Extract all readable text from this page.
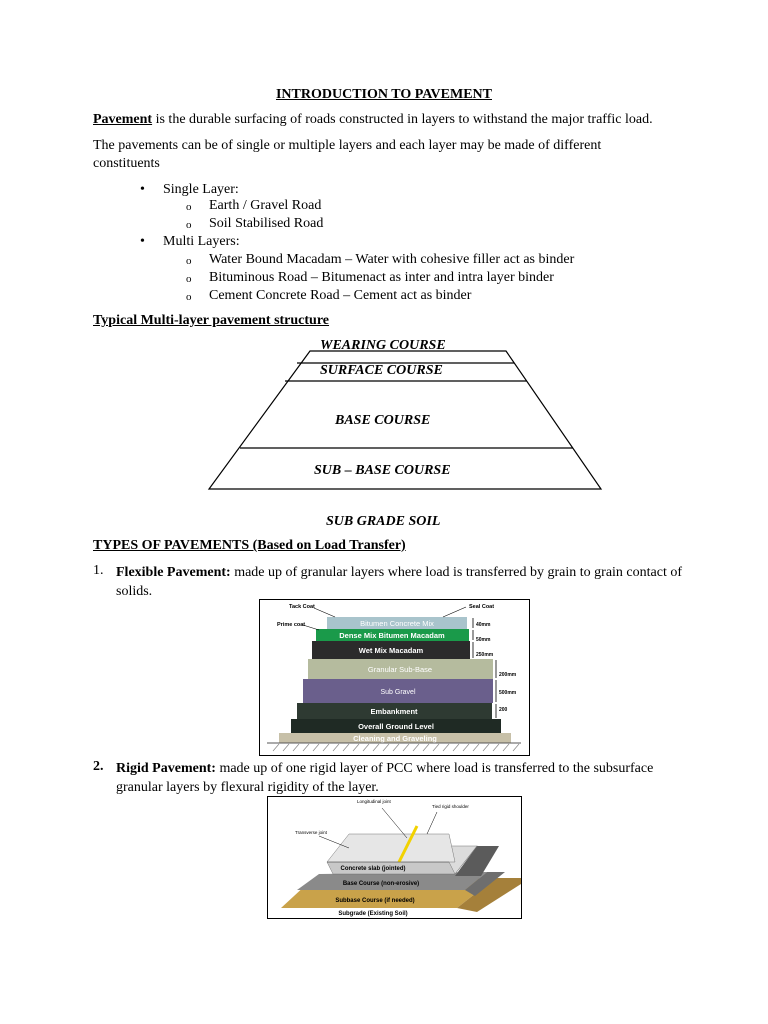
INTRODUCTION TO PAVEMENT
Pavement is the durable surfacing of roads constructed in layers to withstand the major traffic load.
The pavements can be of single or multiple layers and each layer may be made of different constituents
• Single Layer:
o Earth / Gravel Road
o Soil Stabilised Road
• Multi Layers:
o Water Bound Macadam – Water with cohesive filler act as binder
o Bituminous Road – Bitumenact as inter and intra layer binder
o Cement Concrete Road – Cement act as binder
Typical Multi-layer pavement structure
WEARING COURSE
SURFACE COURSE
BASE COURSE
SUB – BASE COURSE
SUB GRADE SOIL
TYPES OF PAVEMENTS (Based on Load Transfer)
1. Flexible Pavement: made up of granular layers where load is transferred by grain to grain contact of solids.
Tack Coat	Seal Coat
Prime coat	Bitumen Concrete Mix
Dense Mix Bitumen Macadam
Wet Mix Macadam
Granular Sub-Base
Sub Gravel
Embankment
Overall Ground Level
Cleaning and Graveling
40mm
50mm
250mm
200mm
500mm
200
2. Rigid Pavement: made up of one rigid layer of PCC where load is transferred to the subsurface granular layers by flexural rigidity of the layer.
Longitudinal joint
Tied rigid shoulder
Transverse joint
Concrete slab (jointed)
Base Course (non-erosive)
Subbase Course (if needed)
Subgrade (Existing Soil)
